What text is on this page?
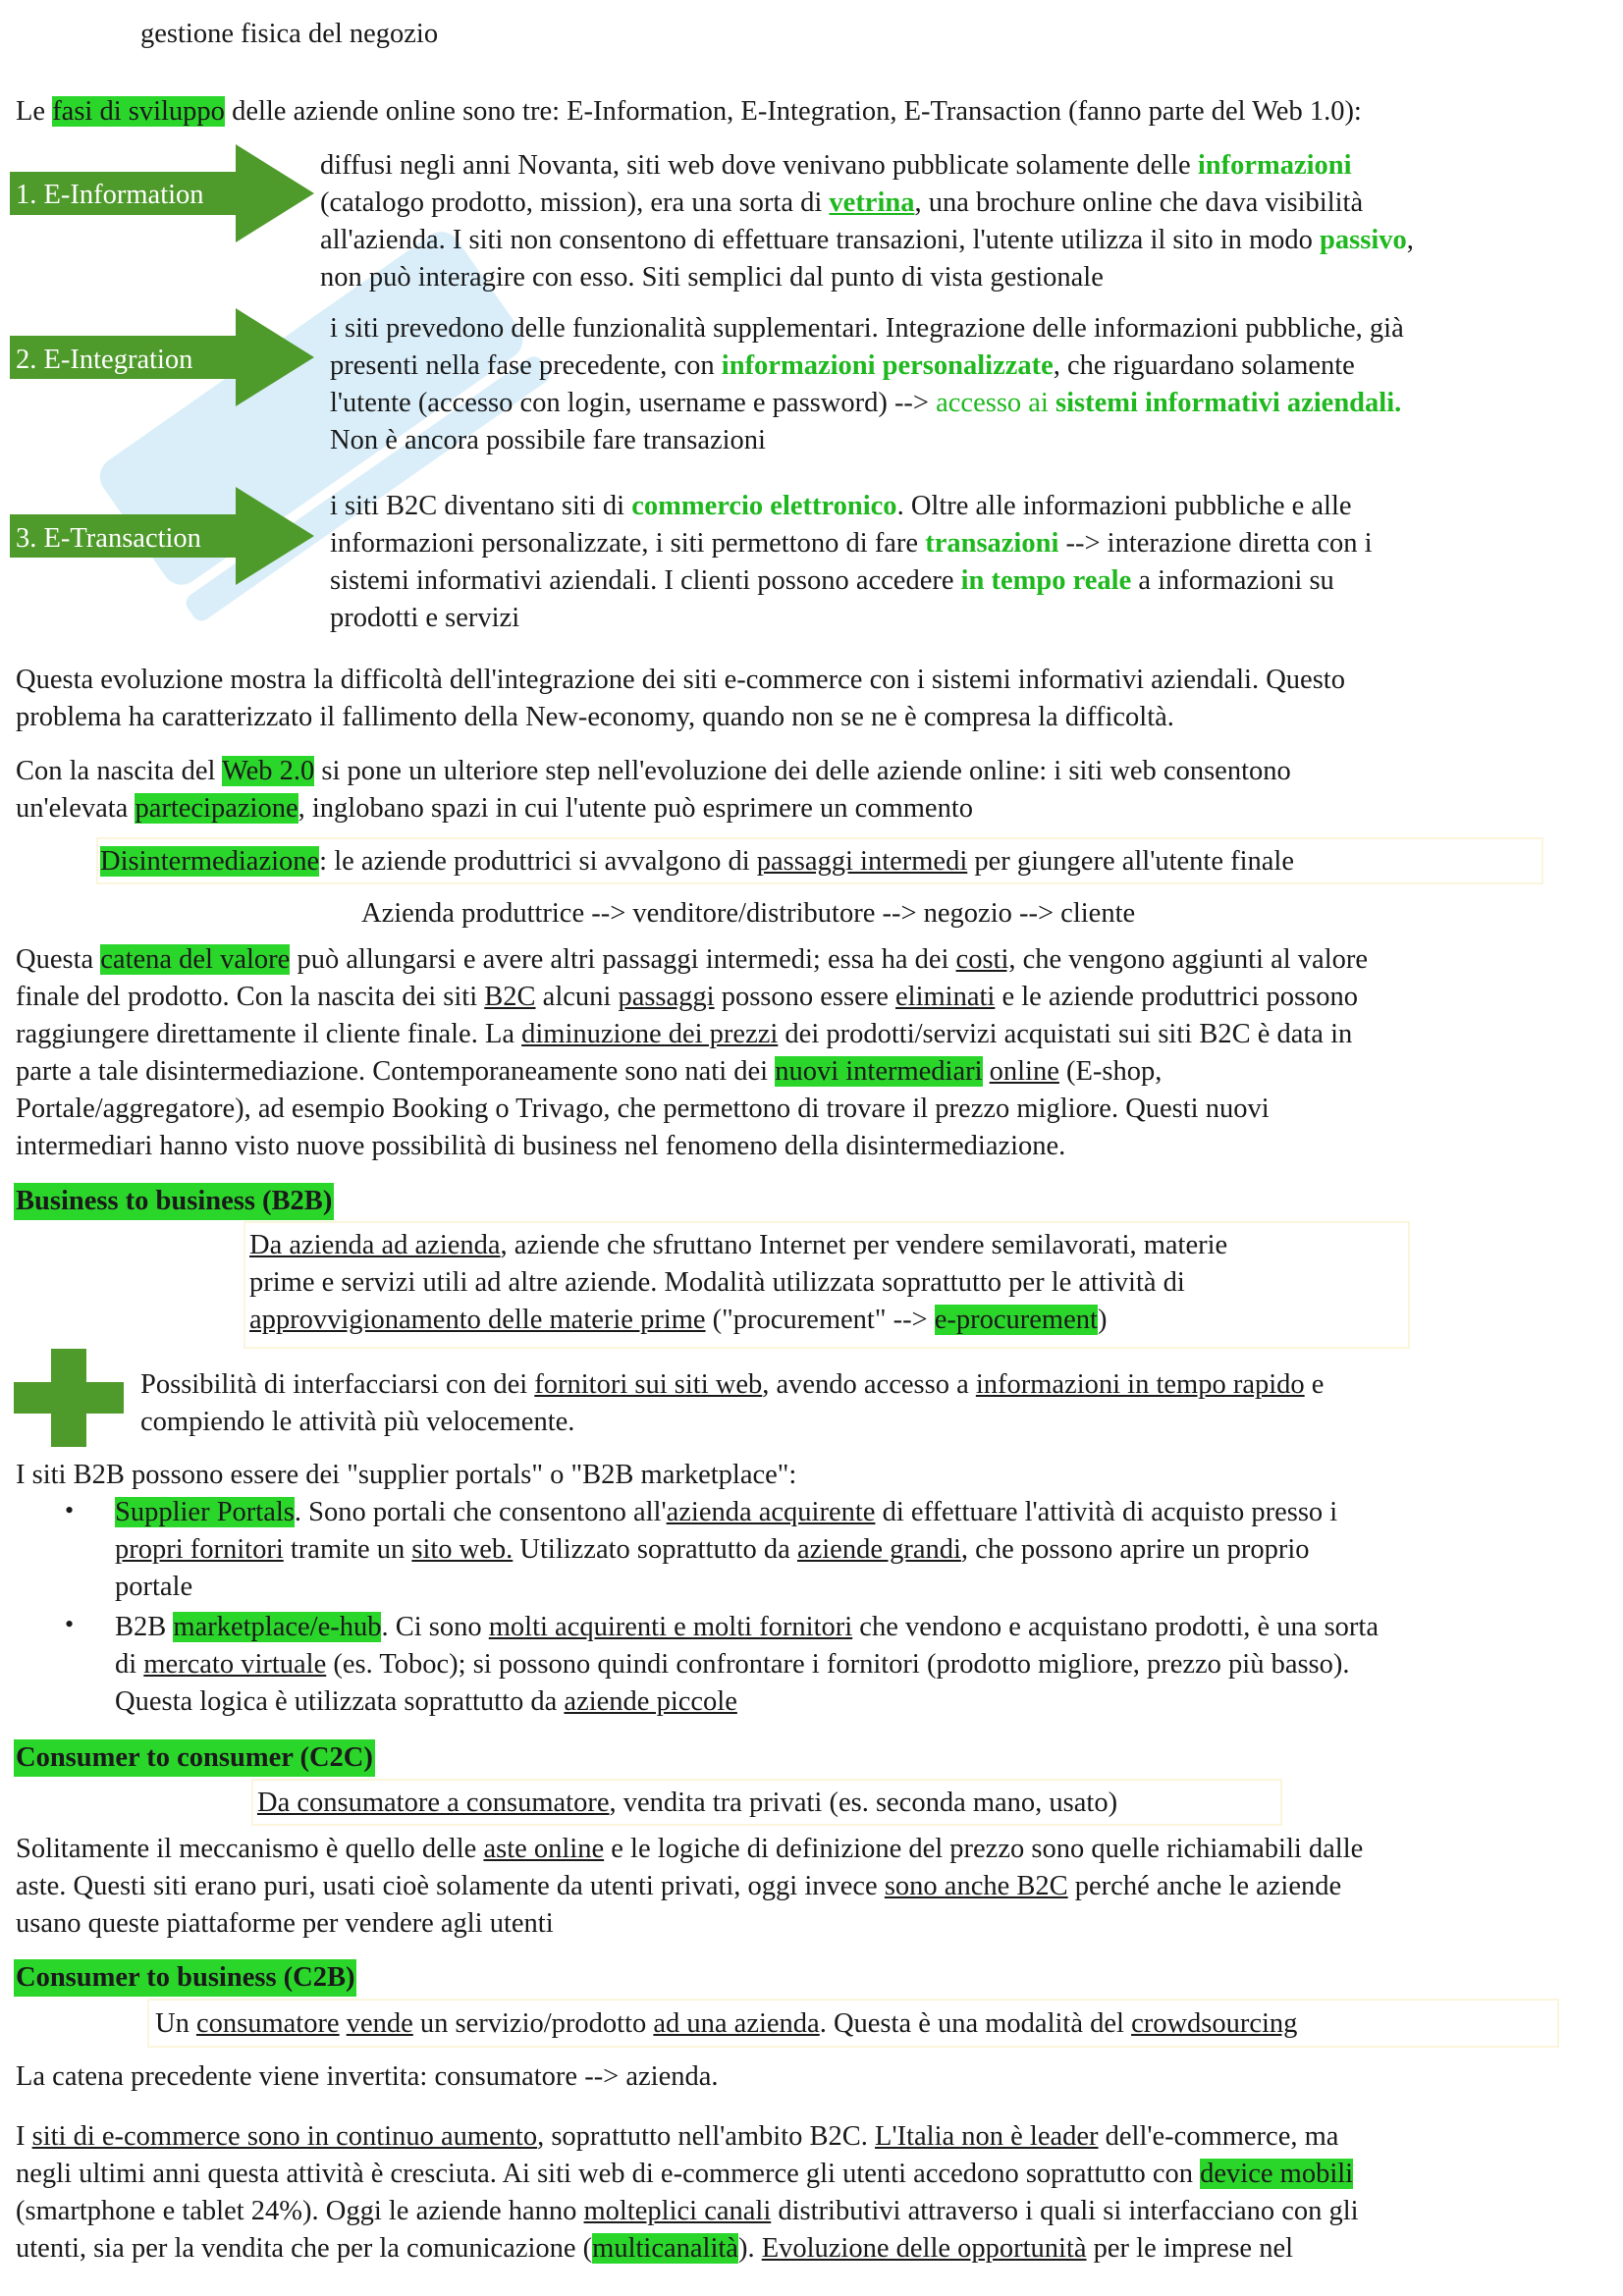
gestione fisica del negozio
Le fasi di sviluppo delle aziende online sono tre: E-Information, E-Integration, E-Transaction (fanno parte del Web 1.0):
1. E-Information
diffusi negli anni Novanta, siti web dove venivano pubblicate solamente delle informazioni
(catalogo prodotto, mission), era una sorta di vetrina, una brochure online che dava visibilità
all'azienda. I siti non consentono di effettuare transazioni, l'utente utilizza il sito in modo passivo,
non può interagire con esso. Siti semplici dal punto di vista gestionale
2. E-Integration
i siti prevedono delle funzionalità supplementari. Integrazione delle informazioni pubbliche, già
presenti nella fase precedente, con informazioni personalizzate, che riguardano solamente
l'utente (accesso con login, username e password) --> accesso ai sistemi informativi aziendali.
Non è ancora possibile fare transazioni
3. E-Transaction
i siti B2C diventano siti di commercio elettronico. Oltre alle informazioni pubbliche e alle
informazioni personalizzate, i siti permettono di fare transazioni --> interazione diretta con i
sistemi informativi aziendali. I clienti possono accedere in tempo reale a informazioni su
prodotti e servizi
Questa evoluzione mostra la difficoltà dell'integrazione dei siti e-commerce con i sistemi informativi aziendali. Questo
problema ha caratterizzato il fallimento della New-economy, quando non se ne è compresa la difficoltà.
Con la nascita del Web 2.0 si pone un ulteriore step nell'evoluzione dei delle aziende online: i siti web consentono
un'elevata partecipazione, inglobano spazi in cui l'utente può esprimere un commento
Disintermediazione: le aziende produttrici si avvalgono di passaggi intermedi per giungere all'utente finale
Azienda produttrice --> venditore/distributore --> negozio --> cliente
Questa catena del valore può allungarsi e avere altri passaggi intermedi; essa ha dei costi, che vengono aggiunti al valore
finale del prodotto. Con la nascita dei siti B2C alcuni passaggi possono essere eliminati e le aziende produttrici possono
raggiungere direttamente il cliente finale. La diminuzione dei prezzi dei prodotti/servizi acquistati sui siti B2C è data in
parte a tale disintermediazione. Contemporaneamente sono nati dei nuovi intermediari online (E-shop,
Portale/aggregatore), ad esempio Booking o Trivago, che permettono di trovare il prezzo migliore. Questi nuovi
intermediari hanno visto nuove possibilità di business nel fenomeno della disintermediazione.
Business to business (B2B)
Da azienda ad azienda, aziende che sfruttano Internet per vendere semilavorati, materie
prime e servizi utili ad altre aziende. Modalità utilizzata soprattutto per le attività di
approvvigionamento delle materie prime ("procurement" --> e-procurement)
Possibilità di interfacciarsi con dei fornitori sui siti web, avendo accesso a informazioni in tempo rapido e
compiendo le attività più velocemente.
I siti B2B possono essere dei "supplier portals" o "B2B marketplace":
• Supplier Portals. Sono portali che consentono all'azienda acquirente di effettuare l'attività di acquisto presso i
propri fornitori tramite un sito web. Utilizzato soprattutto da aziende grandi, che possono aprire un proprio
portale
• B2B marketplace/e-hub. Ci sono molti acquirenti e molti fornitori che vendono e acquistano prodotti, è una sorta
di mercato virtuale (es. Toboc); si possono quindi confrontare i fornitori (prodotto migliore, prezzo più basso).
Questa logica è utilizzata soprattutto da aziende piccole
Consumer to consumer (C2C)
Da consumatore a consumatore, vendita tra privati (es. seconda mano, usato)
Solitamente il meccanismo è quello delle aste online e le logiche di definizione del prezzo sono quelle richiamabili dalle
aste. Questi siti erano puri, usati cioè solamente da utenti privati, oggi invece sono anche B2C perché anche le aziende
usano queste piattaforme per vendere agli utenti
Consumer to business (C2B)
Un consumatore vende un servizio/prodotto ad una azienda. Questa è una modalità del crowdsourcing
La catena precedente viene invertita: consumatore --> azienda.
I siti di e-commerce sono in continuo aumento, soprattutto nell'ambito B2C. L'Italia non è leader dell'e-commerce, ma
negli ultimi anni questa attività è cresciuta. Ai siti web di e-commerce gli utenti accedono soprattutto con device mobili
(smartphone e tablet 24%). Oggi le aziende hanno molteplici canali distributivi attraverso i quali si interfacciano con gli
utenti, sia per la vendita che per la comunicazione (multicanalità). Evoluzione delle opportunità per le imprese nel
